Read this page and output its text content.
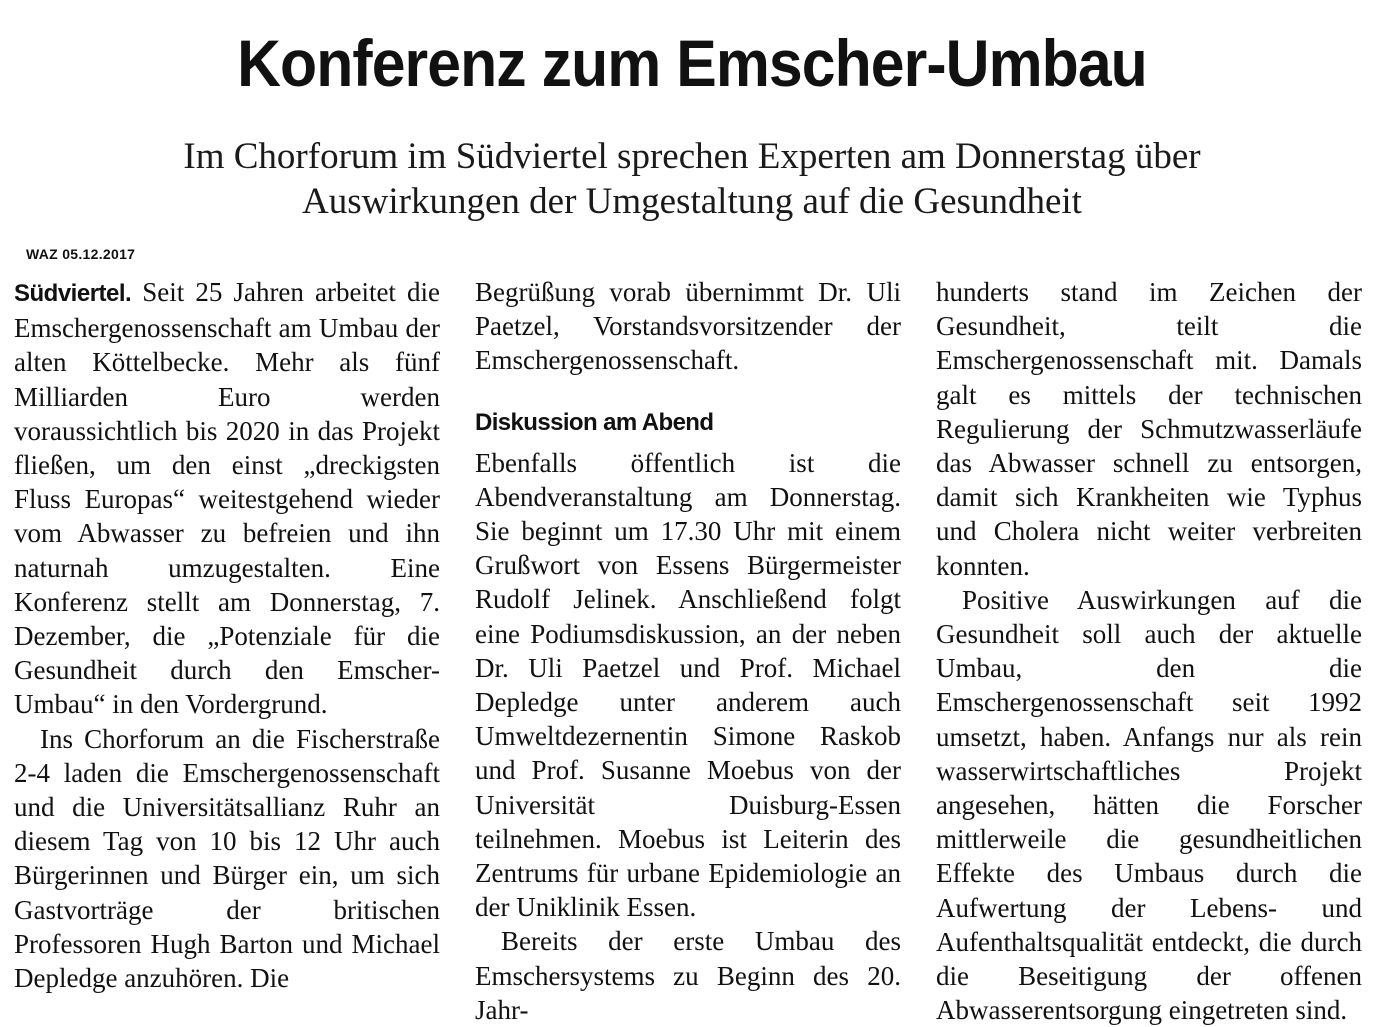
Konferenz zum Emscher-Umbau
Im Chorforum im Südviertel sprechen Experten am Donnerstag über
Auswirkungen der Umgestaltung auf die Gesundheit
WAZ 05.12.2017

Südviertel. Seit 25 Jahren arbeitet die Emschergenossenschaft am Umbau der alten Köttelbecke. Mehr als fünf Milliarden Euro werden voraussichtlich bis 2020 in das Projekt fließen, um den einst „dreckigsten Fluss Europas“ weitestgehend wieder vom Abwasser zu befreien und ihn naturnah umzugestalten. Eine Konferenz stellt am Donnerstag, 7. Dezember, die „Potenziale für die Gesundheit durch den Emscher-Umbau“ in den Vordergrund.

Ins Chorforum an die Fischerstraße 2-4 laden die Emschergenossenschaft und die Universitätsallianz Ruhr an diesem Tag von 10 bis 12 Uhr auch Bürgerinnen und Bürger ein, um sich Gastvorträge der britischen Professoren Hugh Barton und Michael Depledge anzuhören. Die

Begrüßung vorab übernimmt Dr. Uli Paetzel, Vorstandsvorsitzender der Emschergenossenschaft.

Diskussion am Abend

Ebenfalls öffentlich ist die Abendveranstaltung am Donnerstag. Sie beginnt um 17.30 Uhr mit einem Grußwort von Essens Bürgermeister Rudolf Jelinek. Anschließend folgt eine Podiumsdiskussion, an der neben Dr. Uli Paetzel und Prof. Michael Depledge unter anderem auch Umweltdezernentin Simone Raskob und Prof. Susanne Moebus von der Universität Duisburg-Essen teilnehmen. Moebus ist Leiterin des Zentrums für urbane Epidemiologie an der Uniklinik Essen.

Bereits der erste Umbau des Emschersystems zu Beginn des 20. Jahr-

hunderts stand im Zeichen der Gesundheit, teilt die Emschergenossenschaft mit. Damals galt es mittels der technischen Regulierung der Schmutzwasserläufe das Abwasser schnell zu entsorgen, damit sich Krankheiten wie Typhus und Cholera nicht weiter verbreiten konnten.

Positive Auswirkungen auf die Gesundheit soll auch der aktuelle Umbau, den die Emschergenossenschaft seit 1992 umsetzt, haben. Anfangs nur als rein wasserwirtschaftliches Projekt angesehen, hätten die Forscher mittlerweile die gesundheitlichen Effekte des Umbaus durch die Aufwertung der Lebens- und Aufenthaltsqualität entdeckt, die durch die Beseitigung der offenen Abwasserentsorgung eingetreten sind.
